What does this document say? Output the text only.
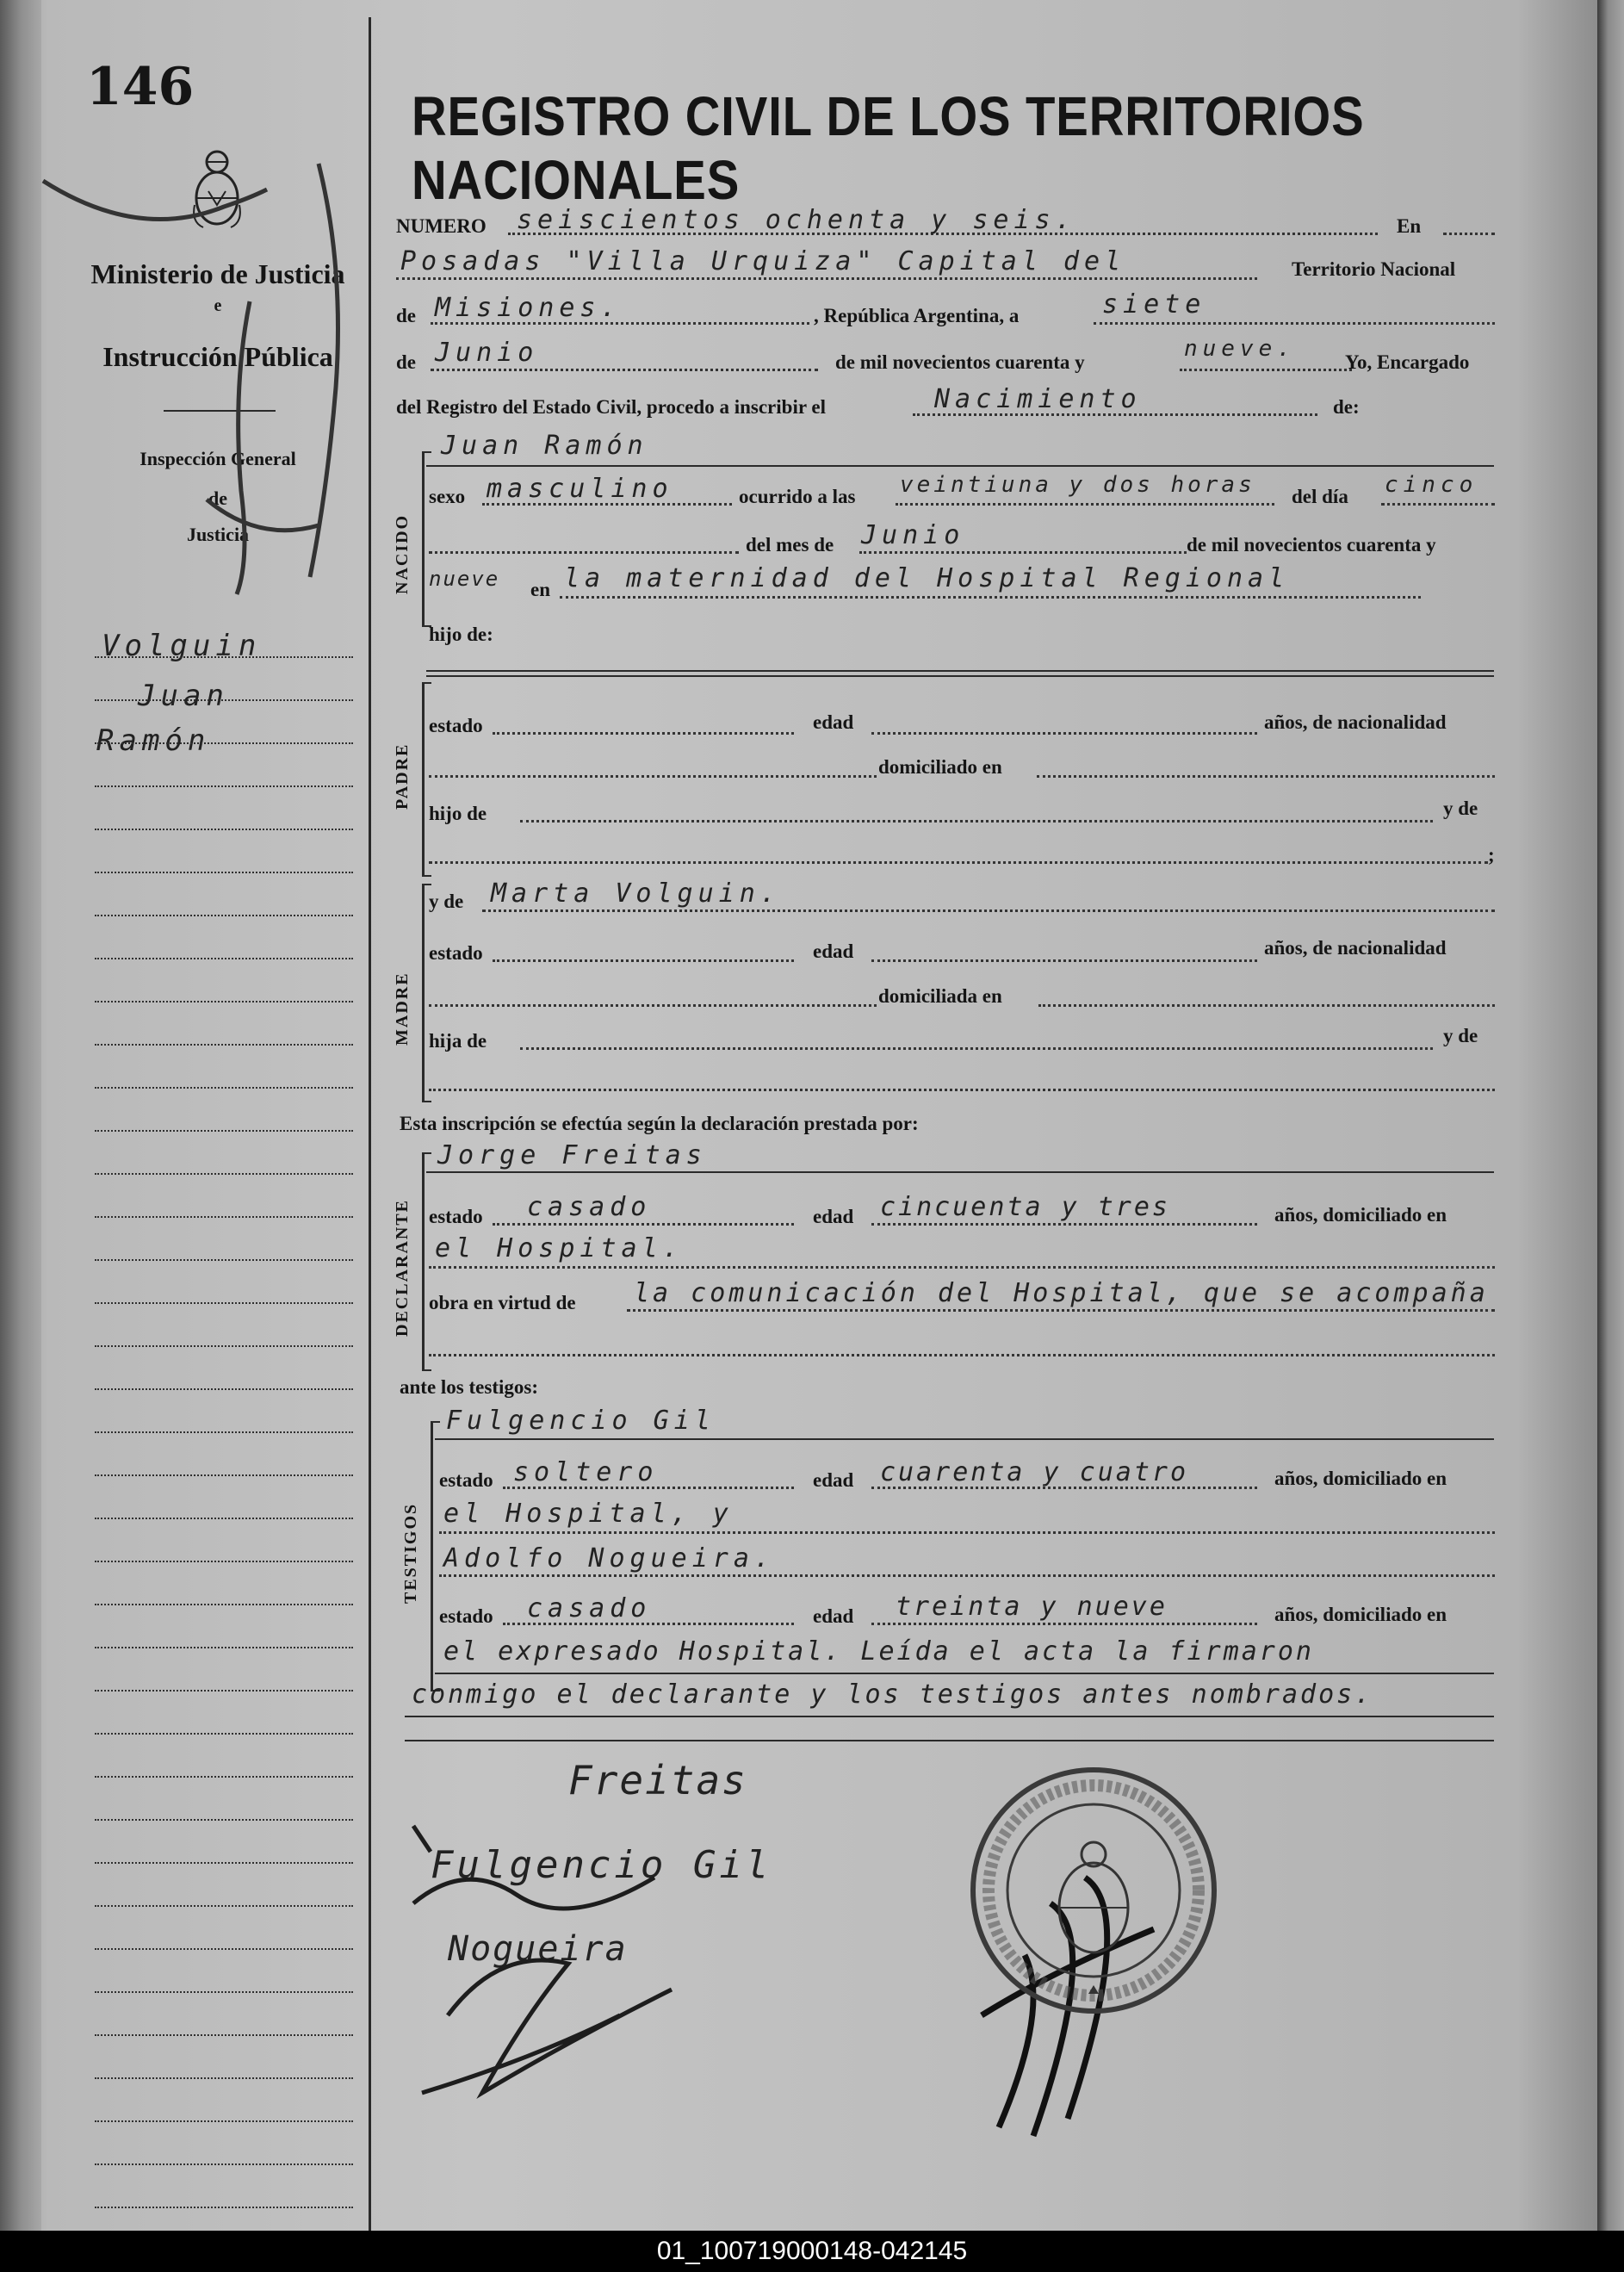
146	REGISTRO CIVIL DE LOS TERRITORIOS NACIONALES
Ministerio de Justicia
e
Instrucción Pública
Inspección General
de
Justicia
Volguin
Juan
Ramón
NUMERO seiscientos ochenta y seis.	En
Posadas "Villa Urquiza" Capital del	Territorio Nacional
de Misiones.	, República Argentina, a	siete
de Junio	de mil novecientos cuarenta y
nueve.
Yo, Encargado
del Registro del Estado Civil, procedo a inscribir el	Nacimiento	de:
Juan Ramón
NACIDO
sexo masculino	ocurrido a las veintiuna y dos horas del día cinco
del mes de Junio	de mil novecientos cuarenta y
nueve en la maternidad del Hospital Regional
hijo de:
PADRE
estado	edad	años, de nacionalidad
domiciliado en
hijo de	y de
;
MADRE
y de Marta Volguin.
estado	edad	años, de nacionalidad
domiciliada en
hija de	y de
Esta inscripción se efectúa según la declaración prestada por:
DECLARANTE
Jorge Freitas
estado casado	edad cincuenta y tres	años, domiciliado en
el Hospital.
obra en virtud de la comunicación del Hospital, que se acompaña
ante los testigos:
TESTIGOS
Fulgencio Gil
estado soltero	edad cuarenta y cuatro	años, domiciliado en
el Hospital, y
Adolfo Nogueira.
estado casado	edad treinta y nueve	años, domiciliado en
el expresado Hospital. Leída el acta la firmaron
conmigo el declarante y los testigos antes nombrados.
Freitas
Fulgencio Gil
Nogueira
01_100719000148-042145
